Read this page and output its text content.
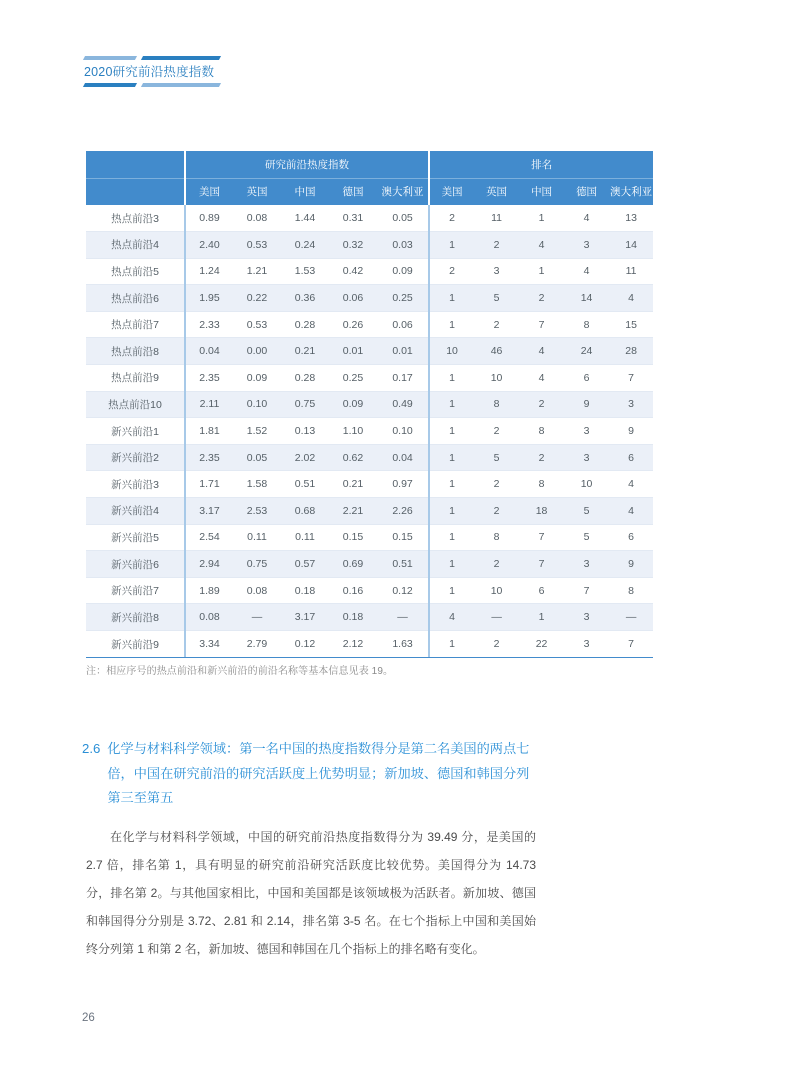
2020研究前沿热度指数
	研究前沿热度指数					排名				
	美国	英国	中国	德国	澳大利亚	美国	英国	中国	德国	澳大利亚
热点前沿3	0.89	0.08	1.44	0.31	0.05	2	11	1	4	13
热点前沿4	2.40	0.53	0.24	0.32	0.03	1	2	4	3	14
热点前沿5	1.24	1.21	1.53	0.42	0.09	2	3	1	4	11
热点前沿6	1.95	0.22	0.36	0.06	0.25	1	5	2	14	4
热点前沿7	2.33	0.53	0.28	0.26	0.06	1	2	7	8	15
热点前沿8	0.04	0.00	0.21	0.01	0.01	10	46	4	24	28
热点前沿9	2.35	0.09	0.28	0.25	0.17	1	10	4	6	7
热点前沿10	2.11	0.10	0.75	0.09	0.49	1	8	2	9	3
新兴前沿1	1.81	1.52	0.13	1.10	0.10	1	2	8	3	9
新兴前沿2	2.35	0.05	2.02	0.62	0.04	1	5	2	3	6
新兴前沿3	1.71	1.58	0.51	0.21	0.97	1	2	8	10	4
新兴前沿4	3.17	2.53	0.68	2.21	2.26	1	2	18	5	4
新兴前沿5	2.54	0.11	0.11	0.15	0.15	1	8	7	5	6
新兴前沿6	2.94	0.75	0.57	0.69	0.51	1	2	7	3	9
新兴前沿7	1.89	0.08	0.18	0.16	0.12	1	10	6	7	8
新兴前沿8	0.08	—	3.17	0.18	—	4	—	1	3	—
新兴前沿9	3.34	2.79	0.12	2.12	1.63	1	2	22	3	7
注：相应序号的热点前沿和新兴前沿的前沿名称等基本信息见表 19。
2.6 化学与材料科学领域：第一名中国的热度指数得分是第二名美国的两点七倍，中国在研究前沿的研究活跃度上优势明显；新加坡、德国和韩国分列第三至第五
在化学与材料科学领域，中国的研究前沿热度指数得分为 39.49 分，是美国的 2.7 倍，排名第 1，具有明显的研究前沿研究活跃度比较优势。美国得分为 14.73 分，排名第 2。与其他国家相比，中国和美国都是该领域极为活跃者。新加坡、德国和韩国得分分别是 3.72、2.81 和 2.14，排名第 3-5 名。在七个指标上中国和美国始终分列第 1 和第 2 名，新加坡、德国和韩国在几个指标上的排名略有变化。
26
